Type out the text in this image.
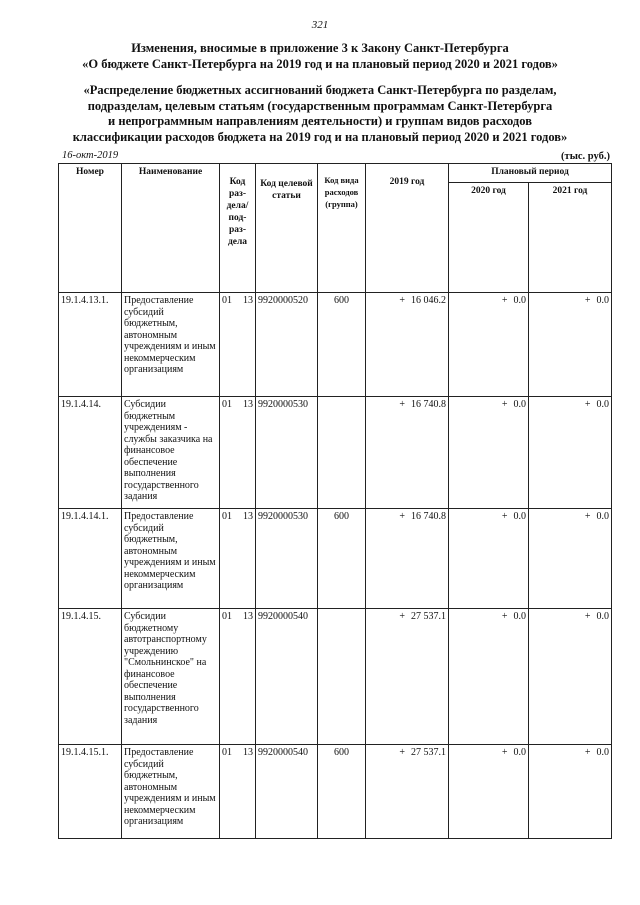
321
Изменения, вносимые в приложение 3 к Закону Санкт-Петербурга
«О бюджете Санкт-Петербурга на 2019 год и на плановый период 2020 и 2021 годов»
«Распределение бюджетных ассигнований бюджета Санкт-Петербурга по разделам,
подразделам, целевым статьям (государственным программам Санкт-Петербурга
и непрограммным направлениям деятельности) и группам видов расходов
классификации расходов бюджета на 2019 год и на плановый период 2020 и 2021 годов»
16-окт-2019	(тыс. руб.)
Номер	Наименование	Код раз-дела/ под-раз-дела	Код целевой статьи	Код вида расходов (группа)	2019 год	Плановый период	
						2020 год	2021 год
19.1.4.13.1.	Предоставление субсидий бюджетным, автономным учреждениям и иным некоммерческим организациям	01 13	9920000520	600	+ 16 046.2	+ 0.0	+ 0.0
19.1.4.14.	Субсидии бюджетным учреждениям - службы заказчика на финансовое обеспечение выполнения государственного задания	01 13	9920000530		+ 16 740.8	+ 0.0	+ 0.0
19.1.4.14.1.	Предоставление субсидий бюджетным, автономным учреждениям и иным некоммерческим организациям	01 13	9920000530	600	+ 16 740.8	+ 0.0	+ 0.0
19.1.4.15.	Субсидии бюджетному автотранспортному учреждению "Смольнинское" на финансовое обеспечение выполнения государственного задания	01 13	9920000540		+ 27 537.1	+ 0.0	+ 0.0
19.1.4.15.1.	Предоставление субсидий бюджетным, автономным учреждениям и иным некоммерческим организациям	01 13	9920000540	600	+ 27 537.1	+ 0.0	+ 0.0
